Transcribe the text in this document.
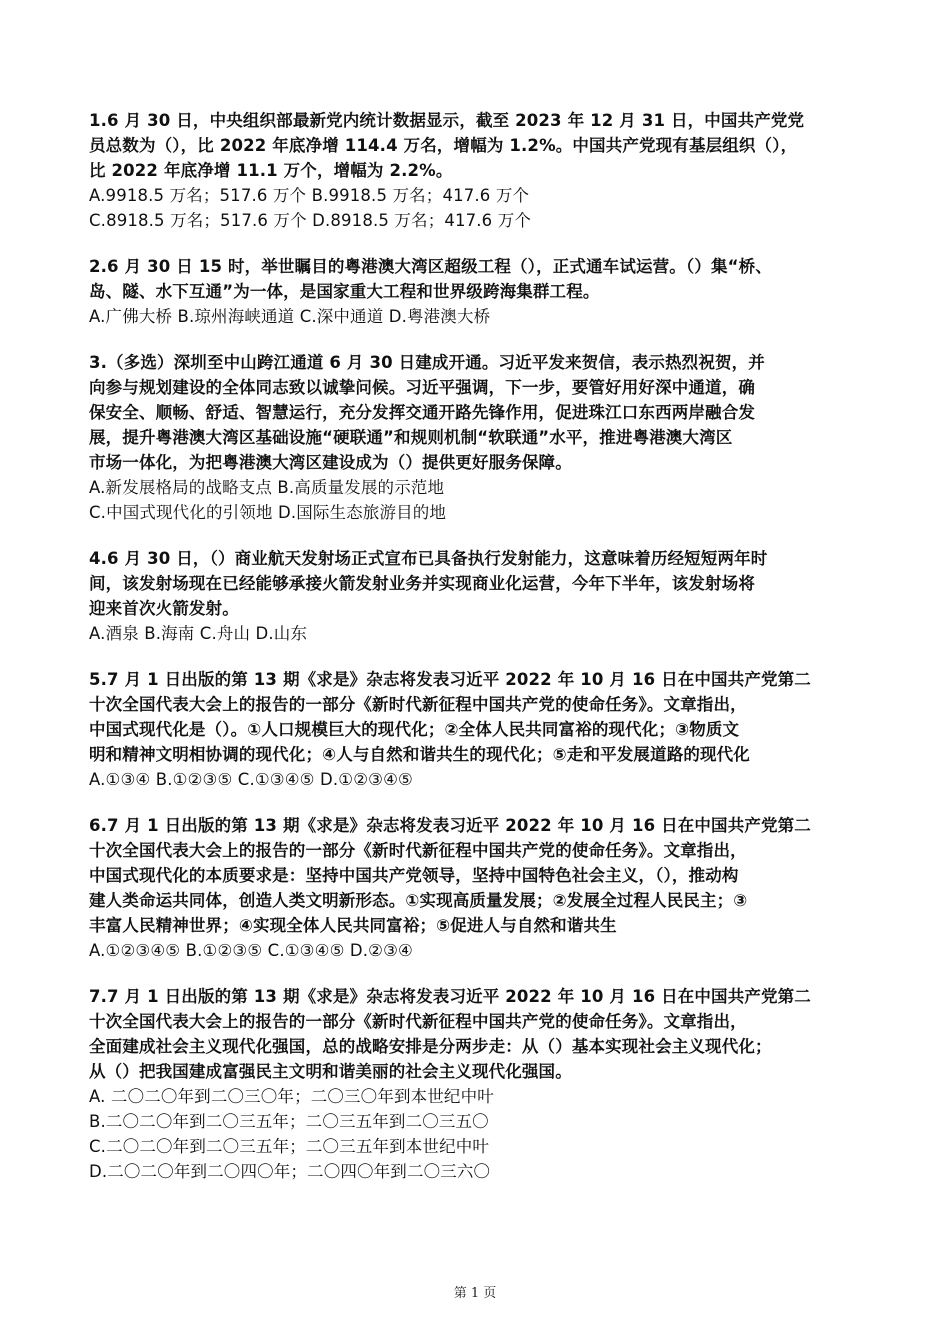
1.6 月 30 日，中央组织部最新党内统计数据显示，截至 2023 年 12 月 31 日，中国共产党党
员总数为（），比 2022 年底净增 114.4 万名，增幅为 1.2%。中国共产党现有基层组织（），
比 2022 年底净增 11.1 万个，增幅为 2.2%。
A.9918.5 万名；517.6 万个 B.9918.5 万名；417.6 万个
C.8918.5 万名；517.6 万个 D.8918.5 万名；417.6 万个
2.6 月 30 日 15 时，举世瞩目的粤港澳大湾区超级工程（），正式通车试运营。（）集“桥、
岛、隧、水下互通”为一体，是国家重大工程和世界级跨海集群工程。
A.广佛大桥 B.琼州海峡通道 C.深中通道 D.粤港澳大桥
3.（多选）深圳至中山跨江通道 6 月 30 日建成开通。习近平发来贺信，表示热烈祝贺，并
向参与规划建设的全体同志致以诚挚问候。习近平强调，下一步，要管好用好深中通道，确
保安全、顺畅、舒适、智慧运行，充分发挥交通开路先锋作用，促进珠江口东西两岸融合发
展，提升粤港澳大湾区基础设施“硬联通”和规则机制“软联通”水平，推进粤港澳大湾区
市场一体化，为把粤港澳大湾区建设成为（）提供更好服务保障。
A.新发展格局的战略支点 B.高质量发展的示范地
C.中国式现代化的引领地 D.国际生态旅游目的地
4.6 月 30 日，（）商业航天发射场正式宣布已具备执行发射能力，这意味着历经短短两年时
间，该发射场现在已经能够承接火箭发射业务并实现商业化运营，今年下半年，该发射场将
迎来首次火箭发射。
A.酒泉 B.海南 C.舟山 D.山东
5.7 月 1 日出版的第 13 期《求是》杂志将发表习近平 2022 年 10 月 16 日在中国共产党第二
十次全国代表大会上的报告的一部分《新时代新征程中国共产党的使命任务》。文章指出，
中国式现代化是（）。①人口规模巨大的现代化；②全体人民共同富裕的现代化；③物质文
明和精神文明相协调的现代化；④人与自然和谐共生的现代化；⑤走和平发展道路的现代化
A.①③④ B.①②③⑤ C.①③④⑤ D.①②③④⑤
6.7 月 1 日出版的第 13 期《求是》杂志将发表习近平 2022 年 10 月 16 日在中国共产党第二
十次全国代表大会上的报告的一部分《新时代新征程中国共产党的使命任务》。文章指出，
中国式现代化的本质要求是：坚持中国共产党领导，坚持中国特色社会主义，（），推动构
建人类命运共同体，创造人类文明新形态。①实现高质量发展；②发展全过程人民民主；③
丰富人民精神世界；④实现全体人民共同富裕；⑤促进人与自然和谐共生
A.①②③④⑤ B.①②③⑤ C.①③④⑤ D.②③④
7.7 月 1 日出版的第 13 期《求是》杂志将发表习近平 2022 年 10 月 16 日在中国共产党第二
十次全国代表大会上的报告的一部分《新时代新征程中国共产党的使命任务》。文章指出，
全面建成社会主义现代化强国，总的战略安排是分两步走：从（）基本实现社会主义现代化；
从（）把我国建成富强民主文明和谐美丽的社会主义现代化强国。
A. 二〇二〇年到二〇三〇年；二〇三〇年到本世纪中叶
B.二〇二〇年到二〇三五年；二〇三五年到二〇三五〇
C.二〇二〇年到二〇三五年；二〇三五年到本世纪中叶
D.二〇二〇年到二〇四〇年；二〇四〇年到二〇三六〇
第 1 页
